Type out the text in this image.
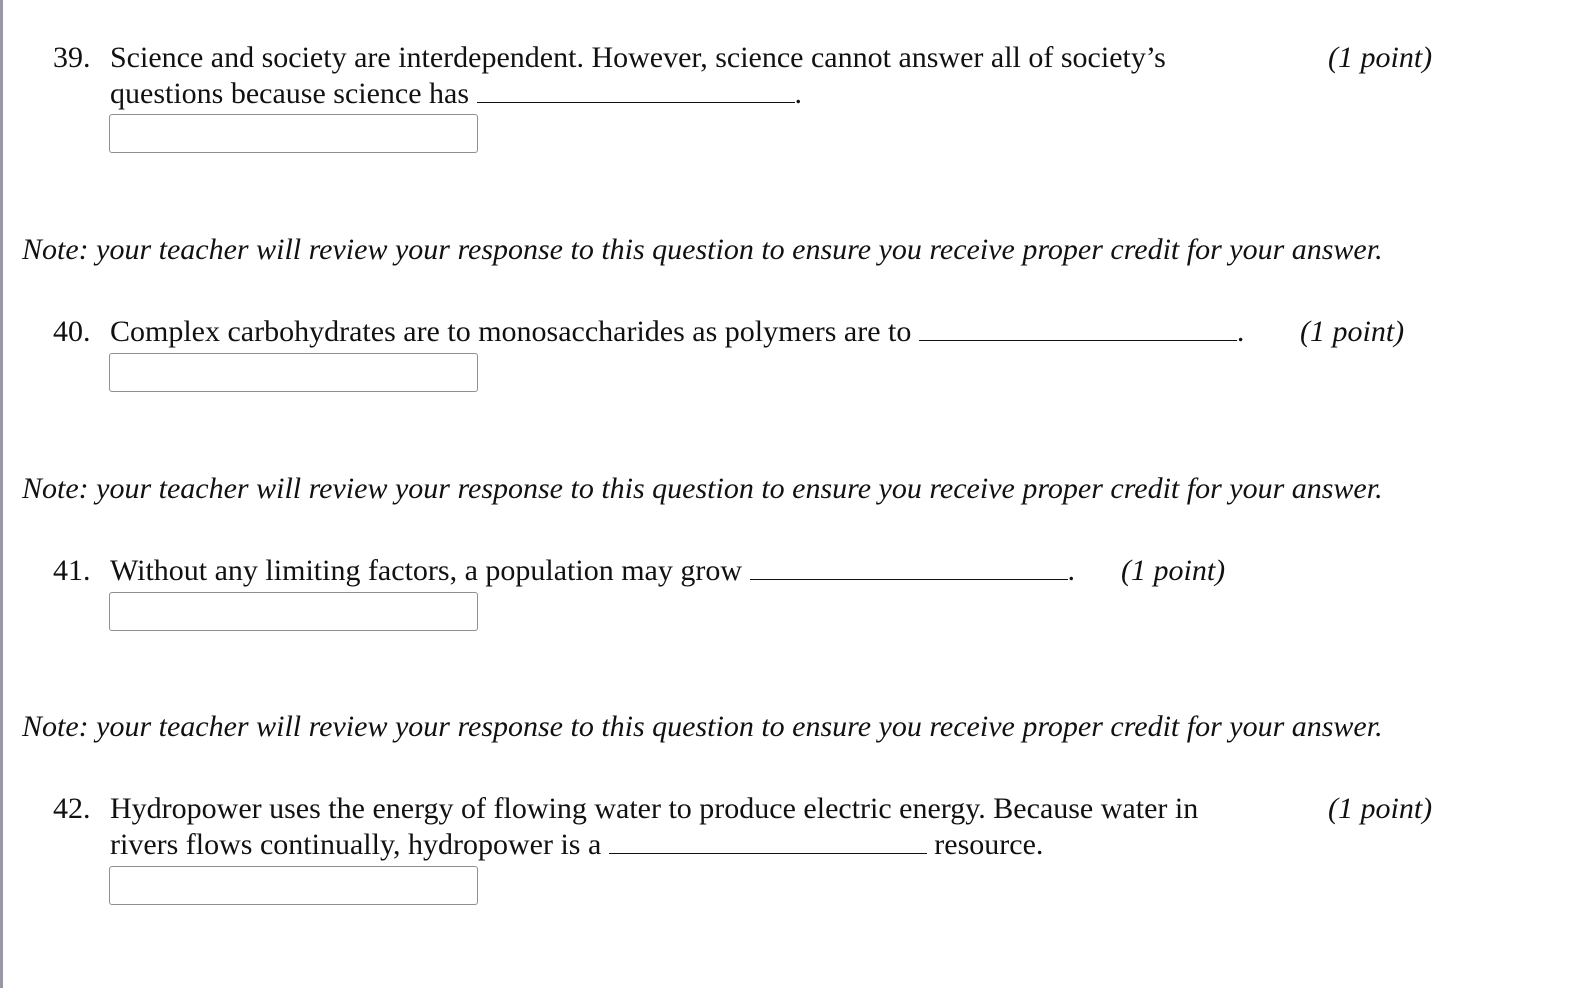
39. Science and society are interdependent. However, science cannot answer all of society’s	(1 point)
questions because science has	.
Note: your teacher will review your response to this question to ensure you receive proper credit for your answer.
40. Complex carbohydrates are to monosaccharides as polymers are to	. (1 point)
Note: your teacher will review your response to this question to ensure you receive proper credit for your answer.
41. Without any limiting factors, a population may grow	. (1 point)
Note: your teacher will review your response to this question to ensure you receive proper credit for your answer.
42. Hydropower uses the energy of flowing water to produce electric energy. Because water in	(1 point)
rivers flows continually, hydropower is a	resource.
